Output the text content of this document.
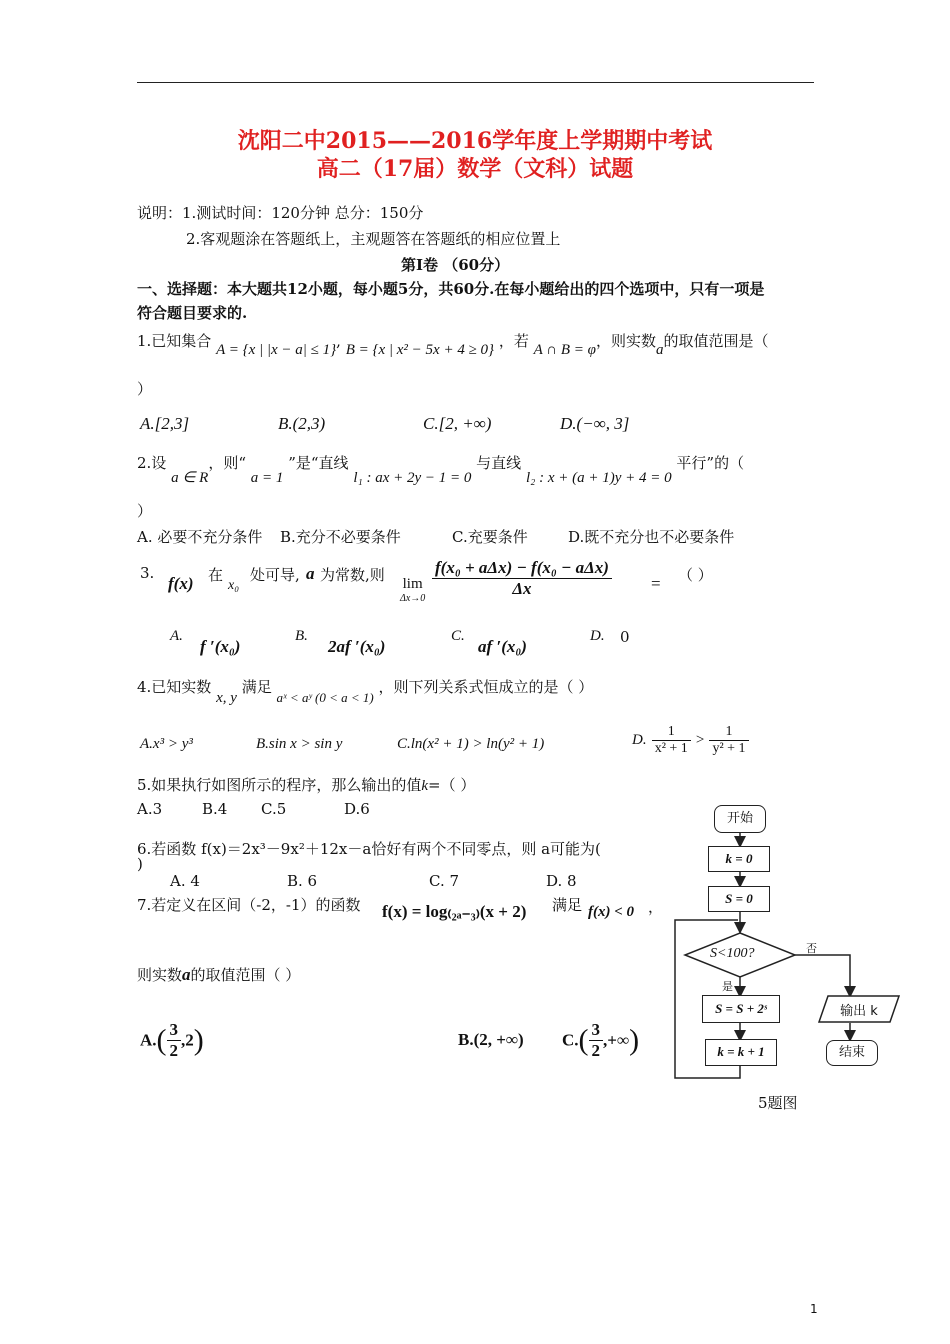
沈阳二中2015——2016学年度上学期期中考试
高二（17届）数学（文科）试题
说明：1.测试时间：120分钟 总分：150分
2.客观题涂在答题纸上，主观题答在答题纸的相应位置上
第Ⅰ卷 （60分）
一、选择题：本大题共12小题，每小题5分，共60分.在每小题给出的四个选项中，只有一项是
符合题目要求的.
1.已知集合 A = {x | |x − a| ≤ 1}, B = {x | x² − 5x + 4 ≥ 0} ，若 A ∩ B = φ，则实数a的取值范围是（
）
A.[2,3]	B.(2,3)	C.[2, +∞)	D.(−∞, 3]
2.设 a ∈ R，则“ a = 1 ”是“直线 l₁ : ax + 2y − 1 = 0 与直线 l₂ : x + (a + 1)y + 4 = 0 平行”的（
）
A. 必要不充分条件 B.充分不必要条件	C.充要条件	D.既不充分也不必要条件
3.
f(x) 在
x₀
处可导, a 为常数,则 lim
$\Delta x\to 0 \frac{\text{f(x₀ + aΔx) − f(x₀ − aΔx)}}{\Delta x}$ = （ ）
A.
f ′(x₀)
B.
2af ′(x₀)
C.
af ′(x₀)
D. 0
4.已知实数 x, y 满足 aˣ < aʸ (0 < a < 1) ，则下列关系式恒成立的是（ ）
A.x³ > y³	B.sin x > sin y	C.ln(x² + 1) > ln(y² + 1)	D. $\frac{1}{\text{x² + 1}} > \frac{1}{\text{y² + 1}}$
5.如果执行如图所示的程序，那么输出的值k=（ ）
A.3	B.4 C.5	D.6
6.若函数 f(x)＝2x³－9x²＋12x－a恰好有两个不同零点，则 a可能为(
)
A. 4	B. 6	C. 7	D. 8
7.若定义在区间（-2，-1）的函数 f(x) = log₍₂ₐ₋₃₎(x + 2) 满足 f(x) < 0 ，
则实数a的取值范围（ ）
$A.( \frac{3}{2} ,2)$	B.(2, +∞) $C.( \frac{3}{2}$ ,+∞)
开始
k = 0
S = 0
S<100?	否
是
S = S + 2ˢ
k = k + 1
输出 k
结束
5题图
1
